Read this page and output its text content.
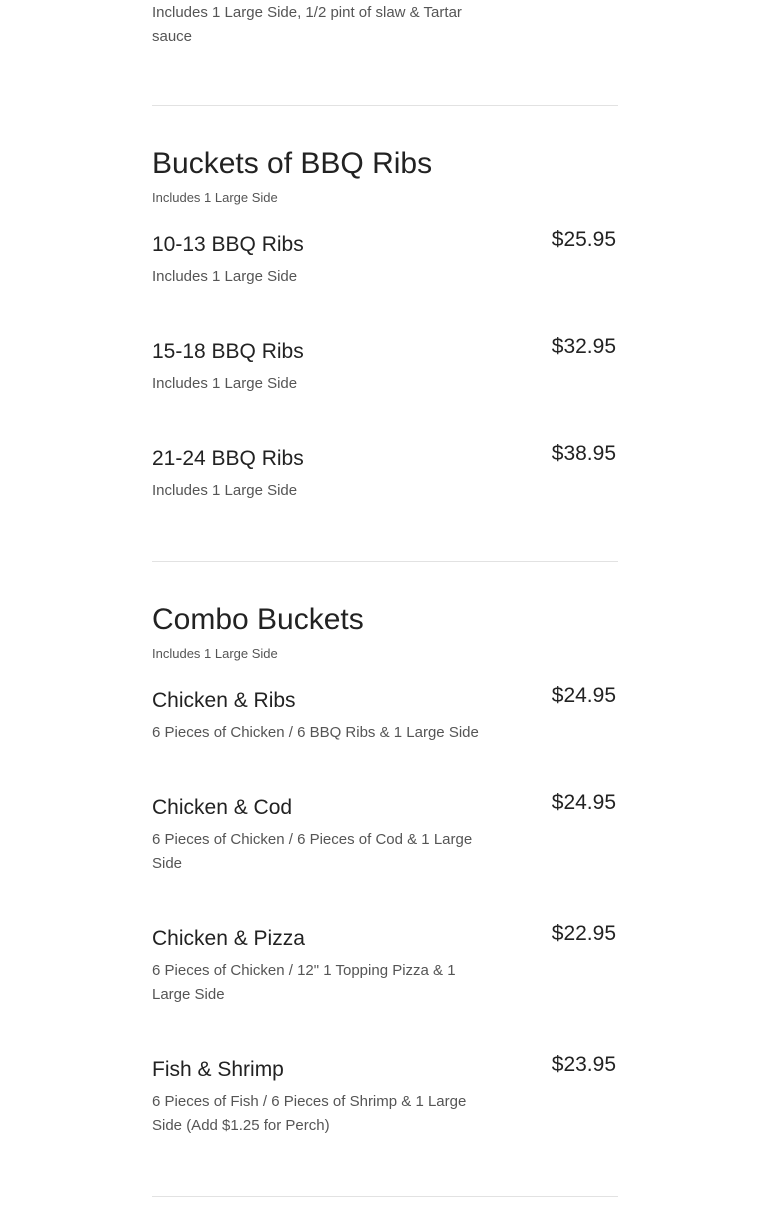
Includes 1 Large Side, 1/2 pint of slaw & Tartar sauce
Buckets of BBQ Ribs
Includes 1 Large Side
10-13 BBQ Ribs	$25.95
Includes 1 Large Side
15-18 BBQ Ribs	$32.95
Includes 1 Large Side
21-24 BBQ Ribs	$38.95
Includes 1 Large Side
Combo Buckets
Includes 1 Large Side
Chicken & Ribs	$24.95
6 Pieces of Chicken / 6 BBQ Ribs & 1 Large Side
Chicken & Cod	$24.95
6 Pieces of Chicken / 6 Pieces of Cod & 1 Large Side
Chicken & Pizza	$22.95
6 Pieces of Chicken / 12" 1 Topping Pizza & 1 Large Side
Fish & Shrimp	$23.95
6 Pieces of Fish / 6 Pieces of Shrimp & 1 Large Side (Add $1.25 for Perch)
